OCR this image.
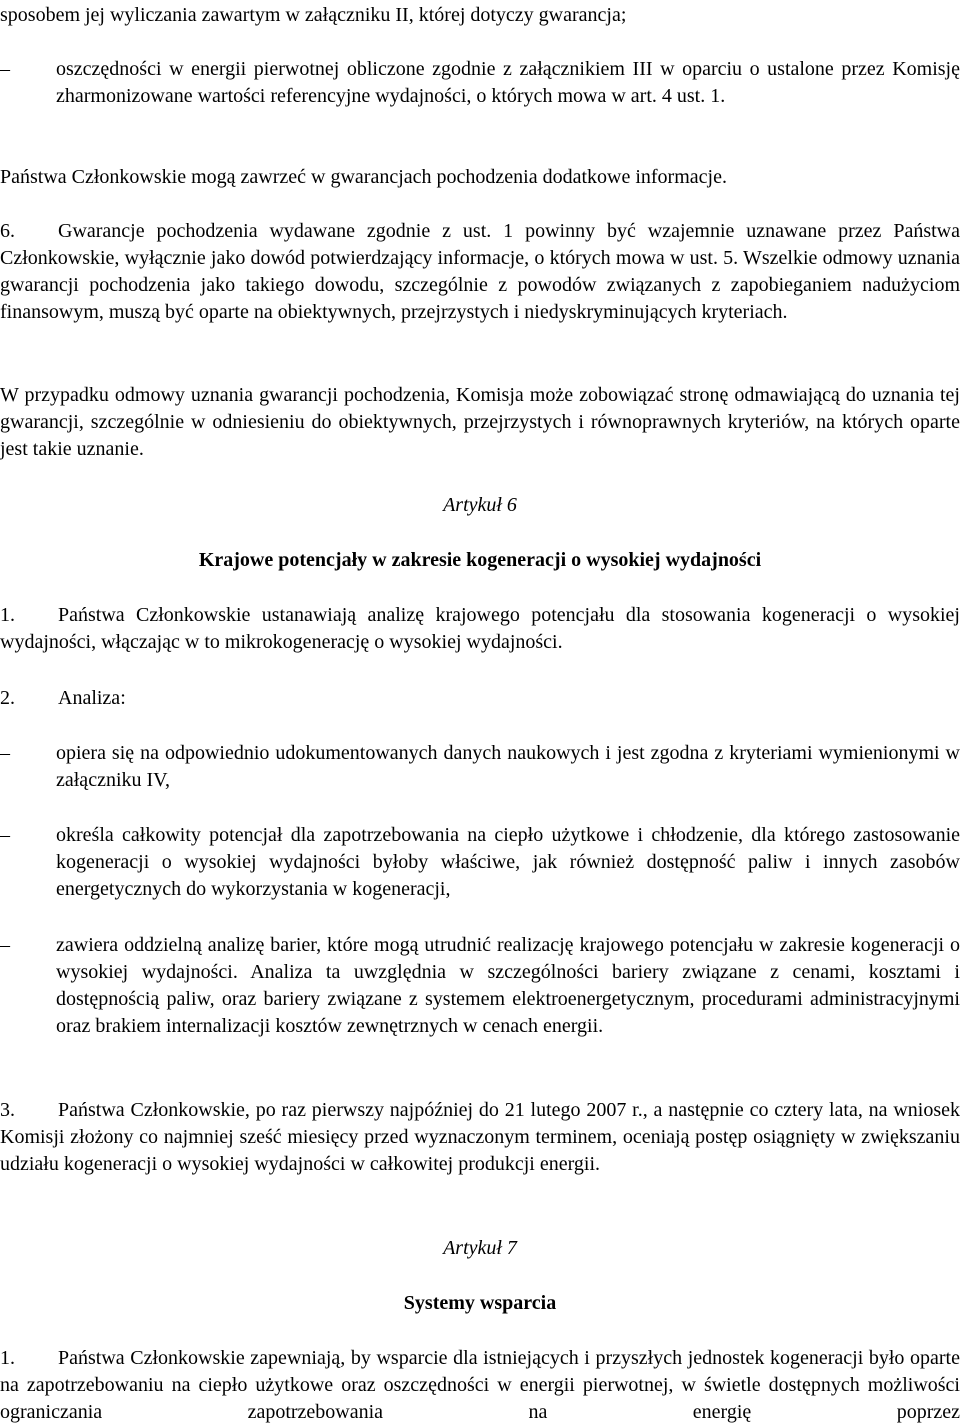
sposobem jej wyliczania zawartym w załączniku II, której dotyczy gwarancja;

–	oszczędności w energii pierwotnej obliczone zgodnie z załącznikiem III w oparciu o ustalone przez Komisję zharmonizowane wartości referencyjne wydajności, o których mowa w art. 4 ust. 1.

Państwa Członkowskie mogą zawrzeć w gwarancjach pochodzenia dodatkowe informacje.

6. Gwarancje pochodzenia wydawane zgodnie z ust. 1 powinny być wzajemnie uznawane przez Państwa Członkowskie, wyłącznie jako dowód potwierdzający informacje, o których mowa w ust. 5. Wszelkie odmowy uznania gwarancji pochodzenia jako takiego dowodu, szczególnie z powodów związanych z zapobieganiem nadużyciom finansowym, muszą być oparte na obiektywnych, przejrzystych i niedyskryminujących kryteriach.

W przypadku odmowy uznania gwarancji pochodzenia, Komisja może zobowiązać stronę odmawiającą do uznania tej gwarancji, szczególnie w odniesieniu do obiektywnych, przejrzystych i równoprawnych kryteriów, na których oparte jest takie uznanie.

Artykuł 6

Krajowe potencjały w zakresie kogeneracji o wysokiej wydajności

1. Państwa Członkowskie ustanawiają analizę krajowego potencjału dla stosowania kogeneracji o wysokiej wydajności, włączając w to mikrokogenerację o wysokiej wydajności.

2. Analiza:

–	opiera się na odpowiednio udokumentowanych danych naukowych i jest zgodna z kryteriami wymienionymi w załączniku IV,

–	określa całkowity potencjał dla zapotrzebowania na ciepło użytkowe i chłodzenie, dla którego zastosowanie kogeneracji o wysokiej wydajności byłoby właściwe, jak również dostępność paliw i innych zasobów energetycznych do wykorzystania w kogeneracji,

–	zawiera oddzielną analizę barier, które mogą utrudnić realizację krajowego potencjału w zakresie kogeneracji o wysokiej wydajności. Analiza ta uwzględnia w szczególności bariery związane z cenami, kosztami i dostępnością paliw, oraz bariery związane z systemem elektroenergetycznym, procedurami administracyjnymi oraz brakiem internalizacji kosztów zewnętrznych w cenach energii.

3. Państwa Członkowskie, po raz pierwszy najpóźniej do 21 lutego 2007 r., a następnie co cztery lata, na wniosek Komisji złożony co najmniej sześć miesięcy przed wyznaczonym terminem, oceniają postęp osiągnięty w zwiększaniu udziału kogeneracji o wysokiej wydajności w całkowitej produkcji energii.

Artykuł 7

Systemy wsparcia

1. Państwa Członkowskie zapewniają, by wsparcie dla istniejących i przyszłych jednostek kogeneracji było oparte na zapotrzebowaniu na ciepło użytkowe oraz oszczędności w energii pierwotnej, w świetle dostępnych możliwości ograniczania zapotrzebowania na energię poprzez
